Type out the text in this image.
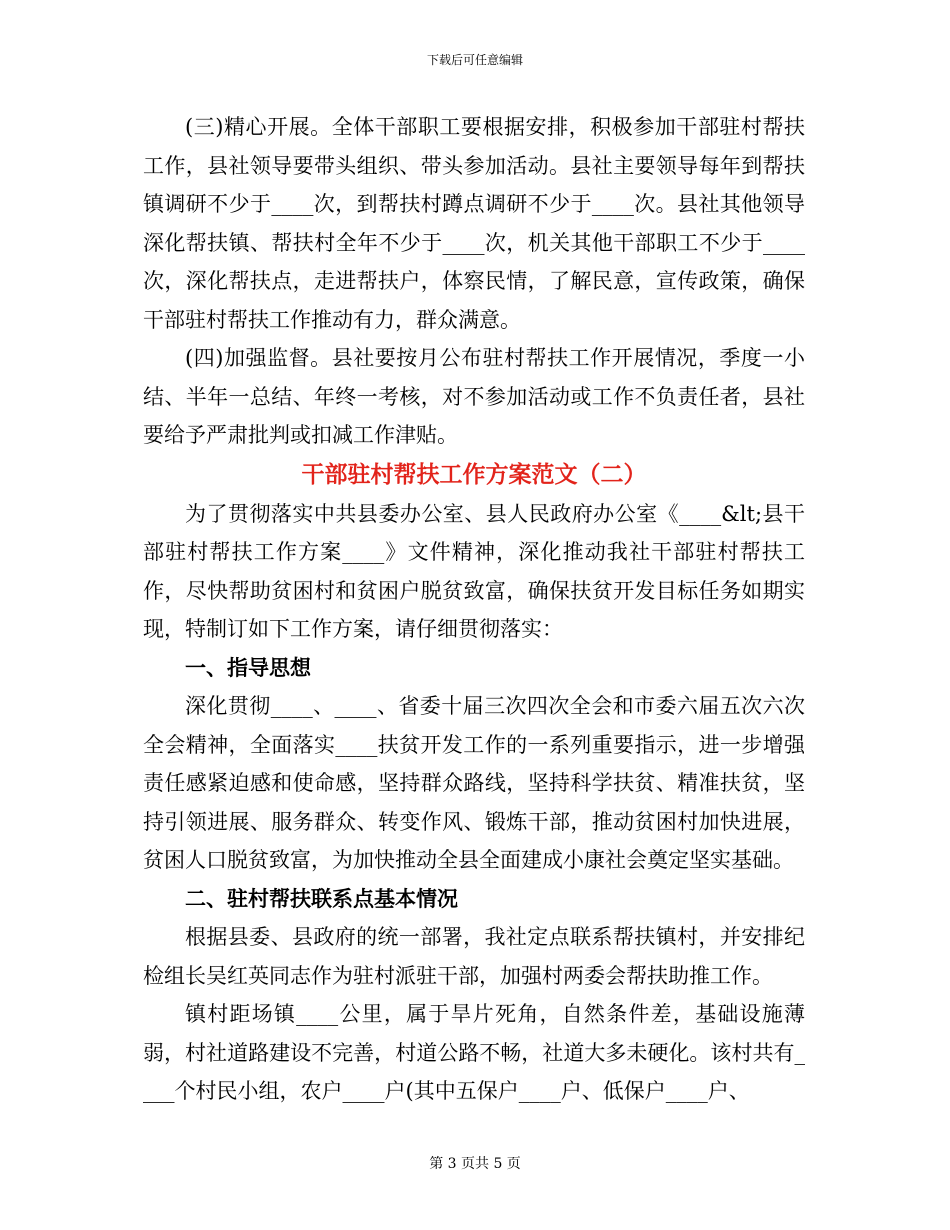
下载后可任意编辑

(三)精心开展。全体干部职工要根据安排，积极参加干部驻村帮扶工作，县社领导要带头组织、带头参加活动。县社主要领导每年到帮扶镇调研不少于____次，到帮扶村蹲点调研不少于____次。县社其他领导深化帮扶镇、帮扶村全年不少于____次，机关其他干部职工不少于____次，深化帮扶点，走进帮扶户，体察民情，了解民意，宣传政策，确保干部驻村帮扶工作推动有力，群众满意。

(四)加强监督。县社要按月公布驻村帮扶工作开展情况，季度一小结、半年一总结、年终一考核，对不参加活动或工作不负责任者，县社要给予严肃批判或扣减工作津贴。

干部驻村帮扶工作方案范文（二）

为了贯彻落实中共县委办公室、县人民政府办公室《____&lt;县干部驻村帮扶工作方案____》文件精神，深化推动我社干部驻村帮扶工作，尽快帮助贫困村和贫困户脱贫致富，确保扶贫开发目标任务如期实现，特制订如下工作方案，请仔细贯彻落实：

一、指导思想

深化贯彻____、____、省委十届三次四次全会和市委六届五次六次全会精神，全面落实____扶贫开发工作的一系列重要指示，进一步增强责任感紧迫感和使命感，坚持群众路线，坚持科学扶贫、精准扶贫，坚持引领进展、服务群众、转变作风、锻炼干部，推动贫困村加快进展，贫困人口脱贫致富，为加快推动全县全面建成小康社会奠定坚实基础。

二、驻村帮扶联系点基本情况

根据县委、县政府的统一部署，我社定点联系帮扶镇村，并安排纪检组长吴红英同志作为驻村派驻干部，加强村两委会帮扶助推工作。

镇村距场镇____公里，属于旱片死角，自然条件差，基础设施薄弱，村社道路建设不完善，村道公路不畅，社道大多未硬化。该村共有____个村民小组，农户____户(其中五保户____户、低保户____户、

第 3 页共 5 页
